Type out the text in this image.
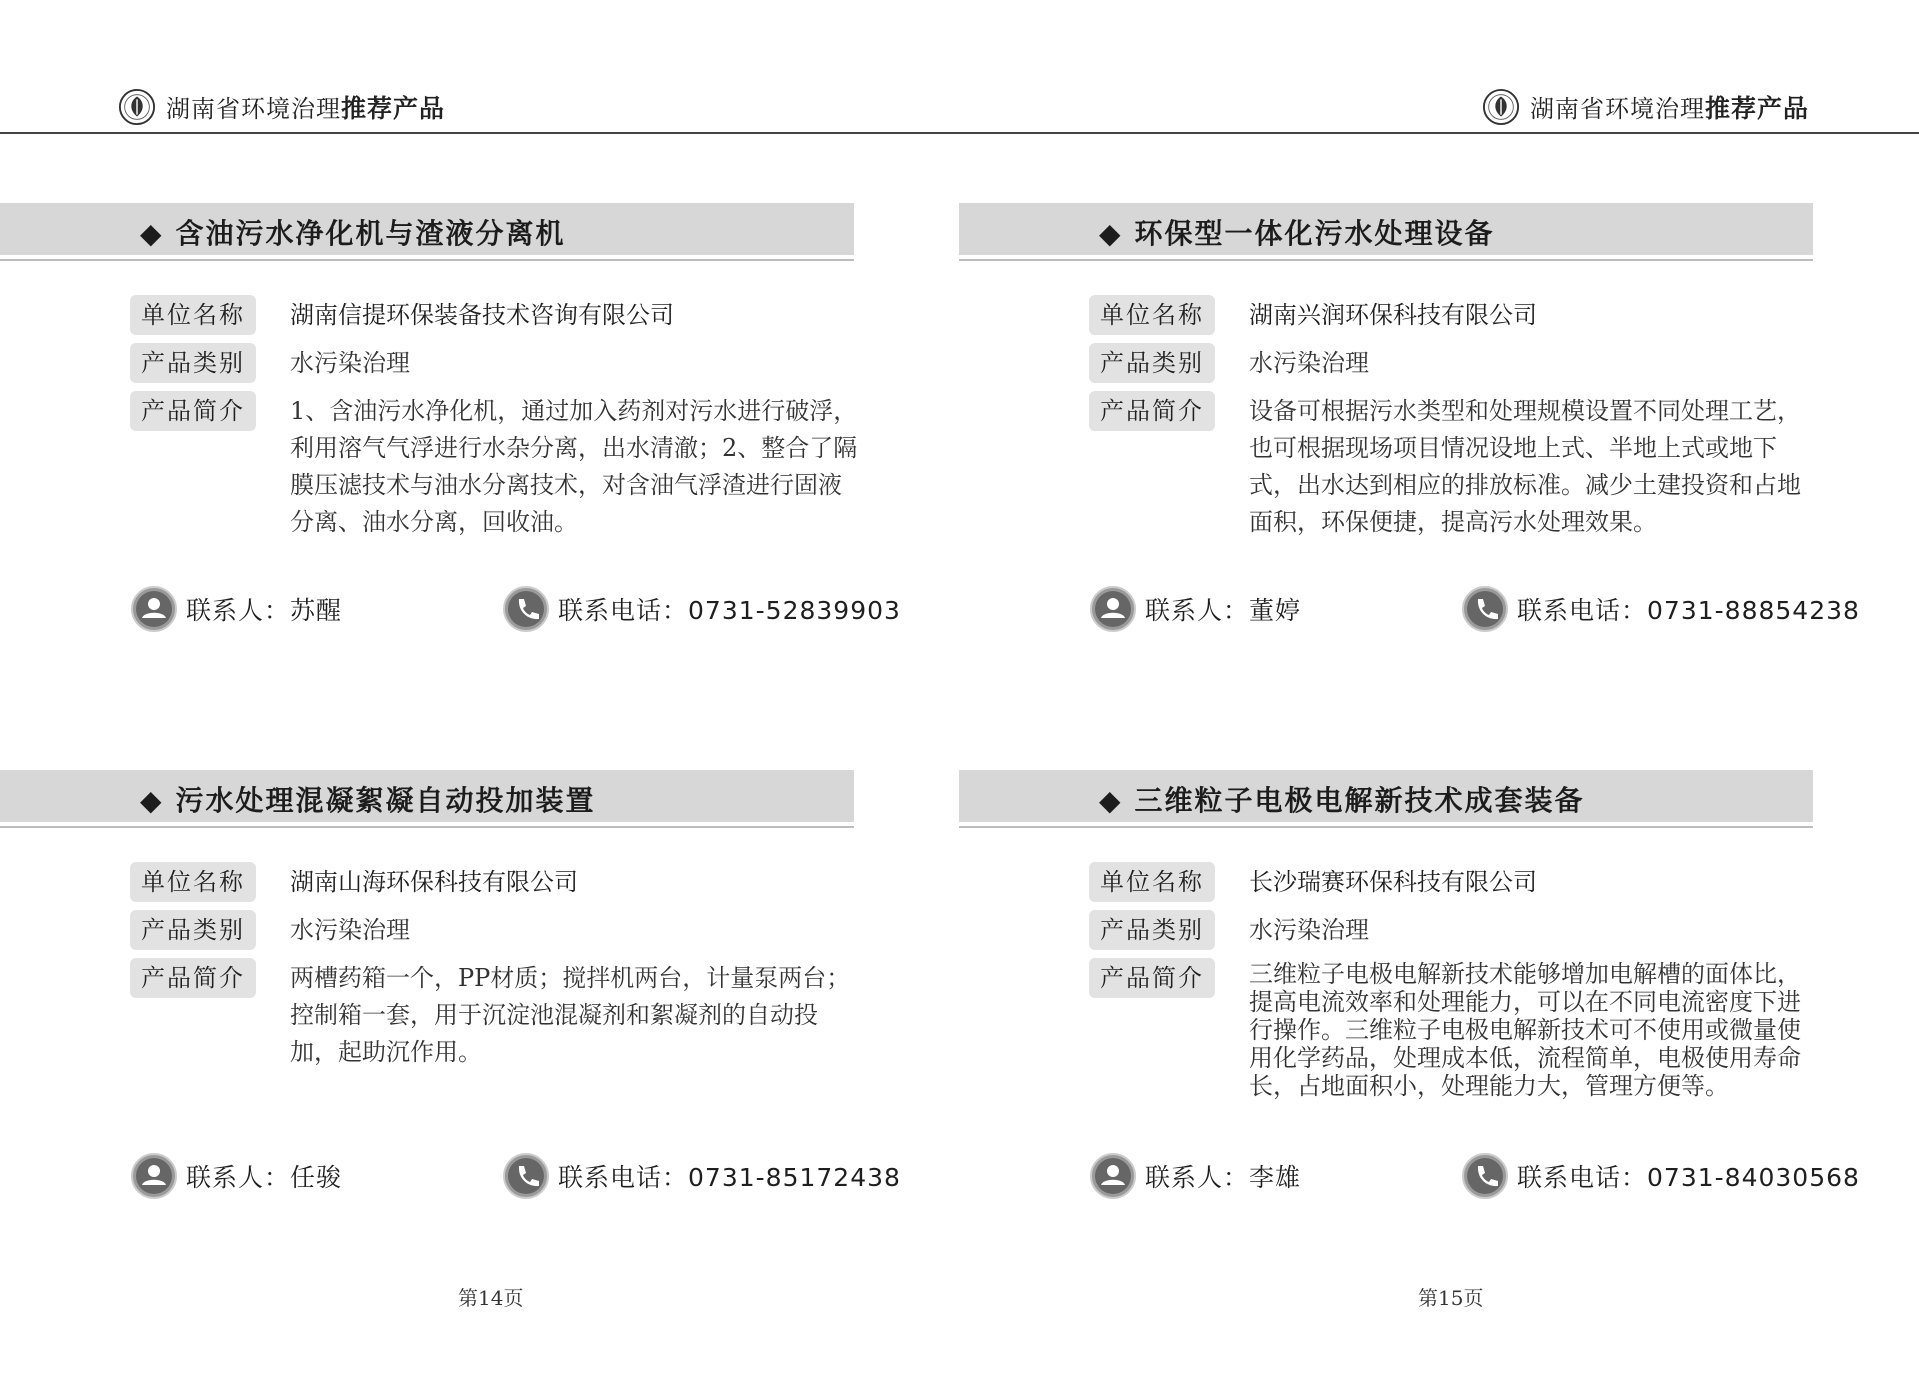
湖南省环境治理推荐产品	湖南省环境治理推荐产品
◆ 含油污水净化机与渣液分离机
单位名称	湖南信提环保装备技术咨询有限公司
产品类别	水污染治理
产品简介	1、含油污水净化机，通过加入药剂对污水进行破浮，利用溶气气浮进行水杂分离，出水清澈；2、整合了隔膜压滤技术与油水分离技术，对含油气浮渣进行固液分离、油水分离，回收油。
联系人：苏醒	联系电话：0731-52839903
◆ 环保型一体化污水处理设备
单位名称	湖南兴润环保科技有限公司
产品类别	水污染治理
产品简介	设备可根据污水类型和处理规模设置不同处理工艺，也可根据现场项目情况设地上式、半地上式或地下式，出水达到相应的排放标准。减少土建投资和占地面积，环保便捷，提高污水处理效果。
联系人：董婷	联系电话：0731-88854238
◆ 污水处理混凝絮凝自动投加装置
单位名称	湖南山海环保科技有限公司
产品类别	水污染治理
产品简介	两槽药箱一个，PP材质；搅拌机两台，计量泵两台；控制箱一套，用于沉淀池混凝剂和絮凝剂的自动投加，起助沉作用。
联系人：任骏	联系电话：0731-85172438
◆ 三维粒子电极电解新技术成套装备
单位名称	长沙瑞赛环保科技有限公司
产品类别	水污染治理
产品简介	三维粒子电极电解新技术能够增加电解槽的面体比，提高电流效率和处理能力，可以在不同电流密度下进行操作。三维粒子电极电解新技术可不使用或微量使用化学药品，处理成本低，流程简单，电极使用寿命长，占地面积小，处理能力大，管理方便等。
联系人：李雄	联系电话：0731-84030568
第14页	第15页
